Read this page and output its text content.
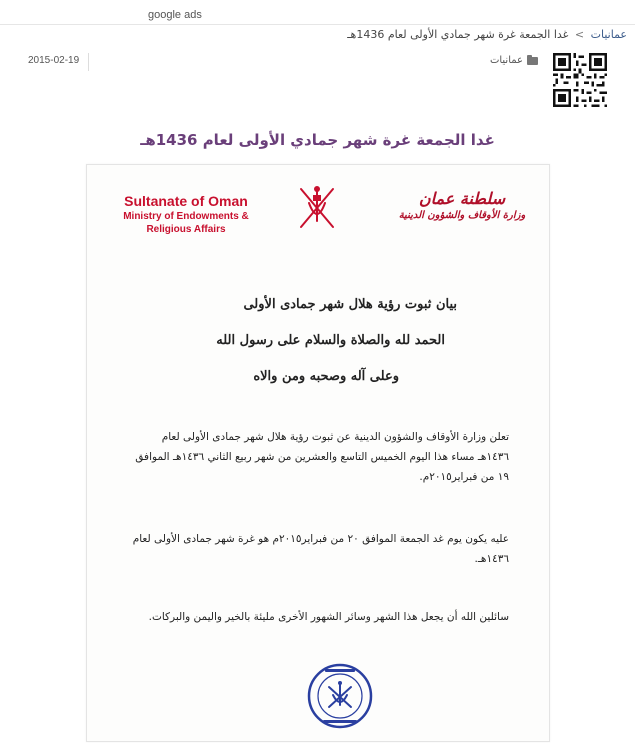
google ads
عمانيات > غدا الجمعة غرة شهر جمادي الأولى لعام 1436هـ
2015-02-19	عمانيات
غدا الجمعة غرة شهر جمادي الأولى لعام 1436هـ
Sultanate of Oman
Ministry of Endowments &
Religious Affairs
سلطنة عمان
وزارة الأوقاف والشؤون الدينية
بيان ثبوت رؤية هلال شهر جمادى الأولى
الحمد لله والصلاة والسلام على رسول الله
وعلى آله وصحبه ومن والاه
تعلن وزارة الأوقاف والشؤون الدينية عن ثبوت رؤية هلال شهر جمادى الأولى لعام ١٤٣٦هـ مساء هذا اليوم الخميس التاسع والعشرين من شهر ربيع الثاني ١٤٣٦هـ الموافق ١٩ من فبراير٢٠١٥م.
عليه يكون يوم غد الجمعة الموافق ٢٠ من فبراير٢٠١٥م هو غرة شهر جمادى الأولى لعام ١٤٣٦هـ.
سائلين الله أن يجعل هذا الشهر وسائر الشهور الأخرى مليئة بالخير واليمن والبركات.
